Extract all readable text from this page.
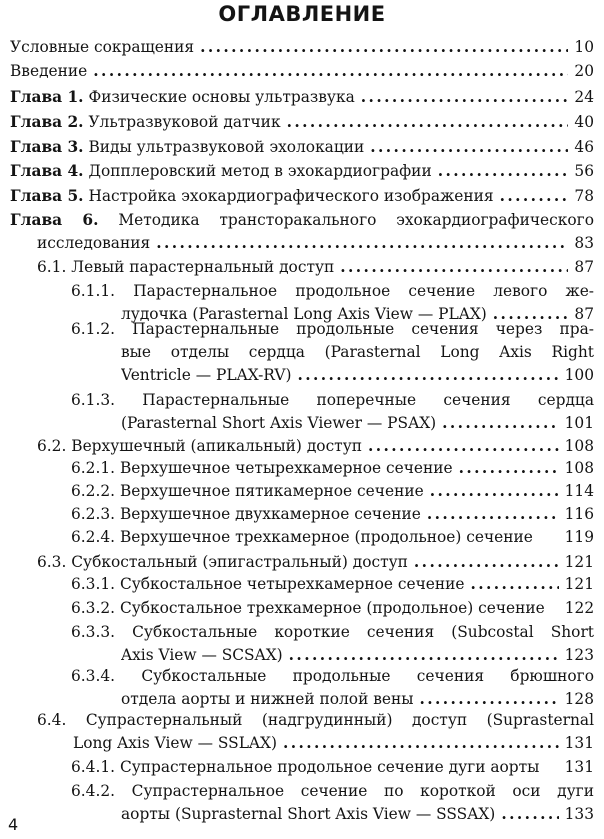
ОГЛАВЛЕНИЕ
Условные сокращения .....	10
Введение .....	20
Глава 1. Физические основы ультразвука .....	24
Глава 2. Ультразвуковой датчик .....	40
Глава 3. Виды ультразвуковой эхолокации .....	46
Глава 4. Допплеровский метод в эхокардиографии .....	56
Глава 5. Настройка эхокардиографического изображения .....	78
Глава 6. Методика трансторакального эхокардиографического
исследования .....	83
6.1. Левый парастернальный доступ .....	87
6.1.1. Парастернальное продольное сечение левого же-
лудочка (Parasternal Long Axis View — PLAX) .....	87
6.1.2. Парастернальные продольные сечения через пра-
вые отделы сердца (Parasternal Long Axis Right
Ventricle — PLAX-RV) .....	100
6.1.3. Парастернальные поперечные сечения сердца
(Parasternal Short Axis Viewer — PSAX) .....	101
6.2. Верхушечный (апикальный) доступ .....	108
6.2.1. Верхушечное четырехкамерное сечение .....	108
6.2.2. Верхушечное пятикамерное сечение .....	114
6.2.3. Верхушечное двухкамерное сечение .....	116
6.2.4. Верхушечное трехкамерное (продольное) сечение 119
6.3. Субкостальный (эпигастральный) доступ .....	121
6.3.1. Субкостальное четырехкамерное сечение .....	121
6.3.2. Субкостальное трехкамерное (продольное) сечение 122
6.3.3. Субкостальные короткие сечения (Subcostal Short
Axis View — SCSAX) .....	123
6.3.4. Субкостальные продольные сечения брюшного
отдела аорты и нижней полой вены .....	128
6.4. Супрастернальный (надгрудинный) доступ (Suprasternal
Long Axis View — SSLAX) .....	131
6.4.1. Супрастернальное продольное сечение дуги аорты 131
6.4.2. Супрастернальное сечение по короткой оси дуги
аорты (Suprasternal Short Axis View — SSSAX) .....	133
4
